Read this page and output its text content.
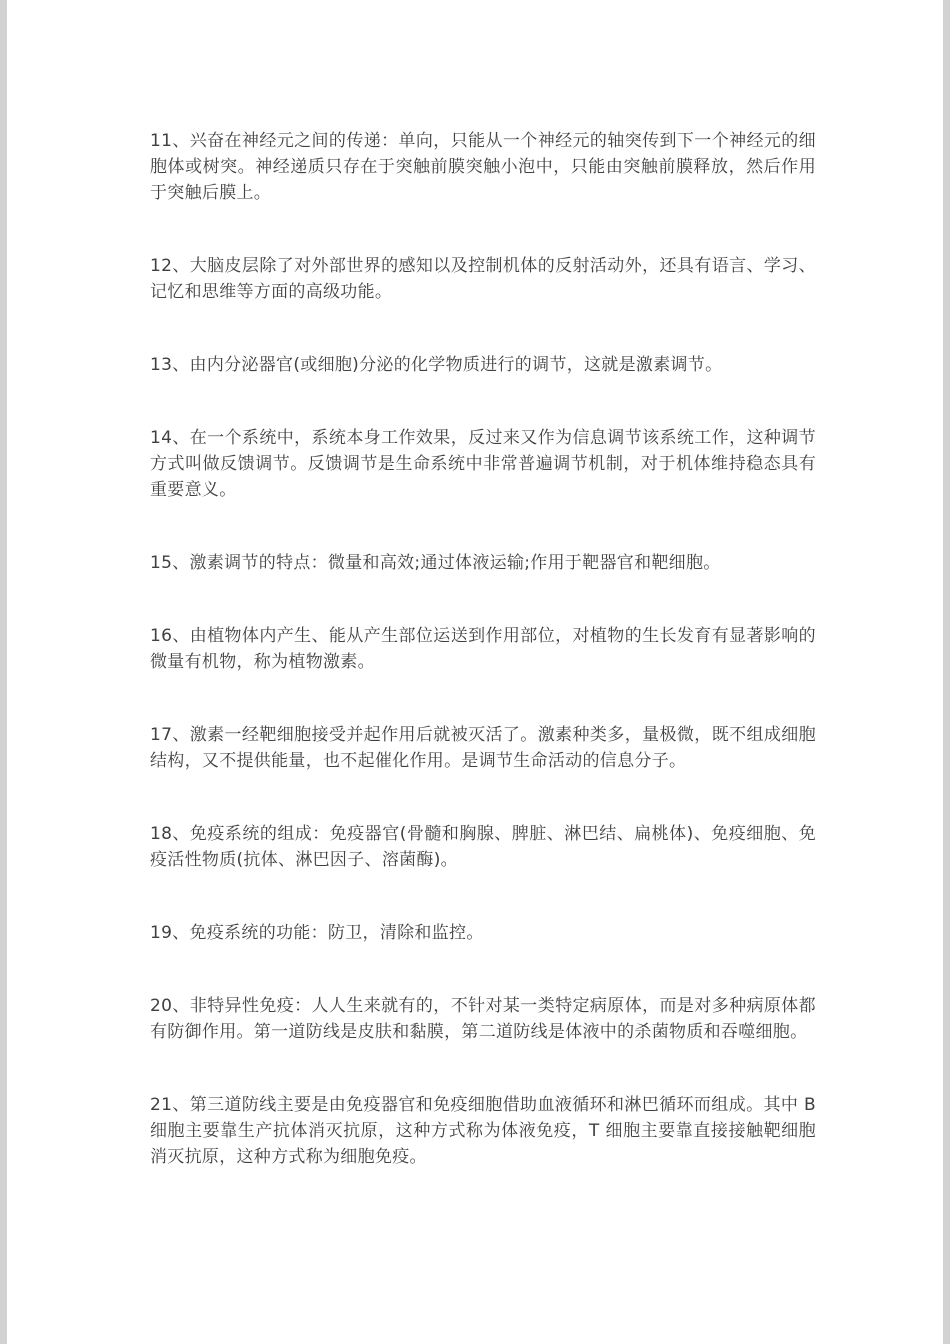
11、兴奋在神经元之间的传递：单向，只能从一个神经元的轴突传到下一个神经元的细胞体或树突。神经递质只存在于突触前膜突触小泡中，只能由突触前膜释放，然后作用于突触后膜上。

12、大脑皮层除了对外部世界的感知以及控制机体的反射活动外，还具有语言、学习、记忆和思维等方面的高级功能。

13、由内分泌器官(或细胞)分泌的化学物质进行的调节，这就是激素调节。

14、在一个系统中，系统本身工作效果，反过来又作为信息调节该系统工作，这种调节方式叫做反馈调节。反馈调节是生命系统中非常普遍调节机制，对于机体维持稳态具有重要意义。

15、激素调节的特点：微量和高效;通过体液运输;作用于靶器官和靶细胞。

16、由植物体内产生、能从产生部位运送到作用部位，对植物的生长发育有显著影响的微量有机物，称为植物激素。

17、激素一经靶细胞接受并起作用后就被灭活了。激素种类多，量极微，既不组成细胞结构，又不提供能量，也不起催化作用。是调节生命活动的信息分子。

18、免疫系统的组成：免疫器官(骨髓和胸腺、脾脏、淋巴结、扁桃体)、免疫细胞、免疫活性物质(抗体、淋巴因子、溶菌酶)。

19、免疫系统的功能：防卫，清除和监控。

20、非特异性免疫：人人生来就有的，不针对某一类特定病原体，而是对多种病原体都有防御作用。第一道防线是皮肤和黏膜，第二道防线是体液中的杀菌物质和吞噬细胞。

21、第三道防线主要是由免疫器官和免疫细胞借助血液循环和淋巴循环而组成。其中 B 细胞主要靠生产抗体消灭抗原，这种方式称为体液免疫，T 细胞主要靠直接接触靶细胞消灭抗原，这种方式称为细胞免疫。
